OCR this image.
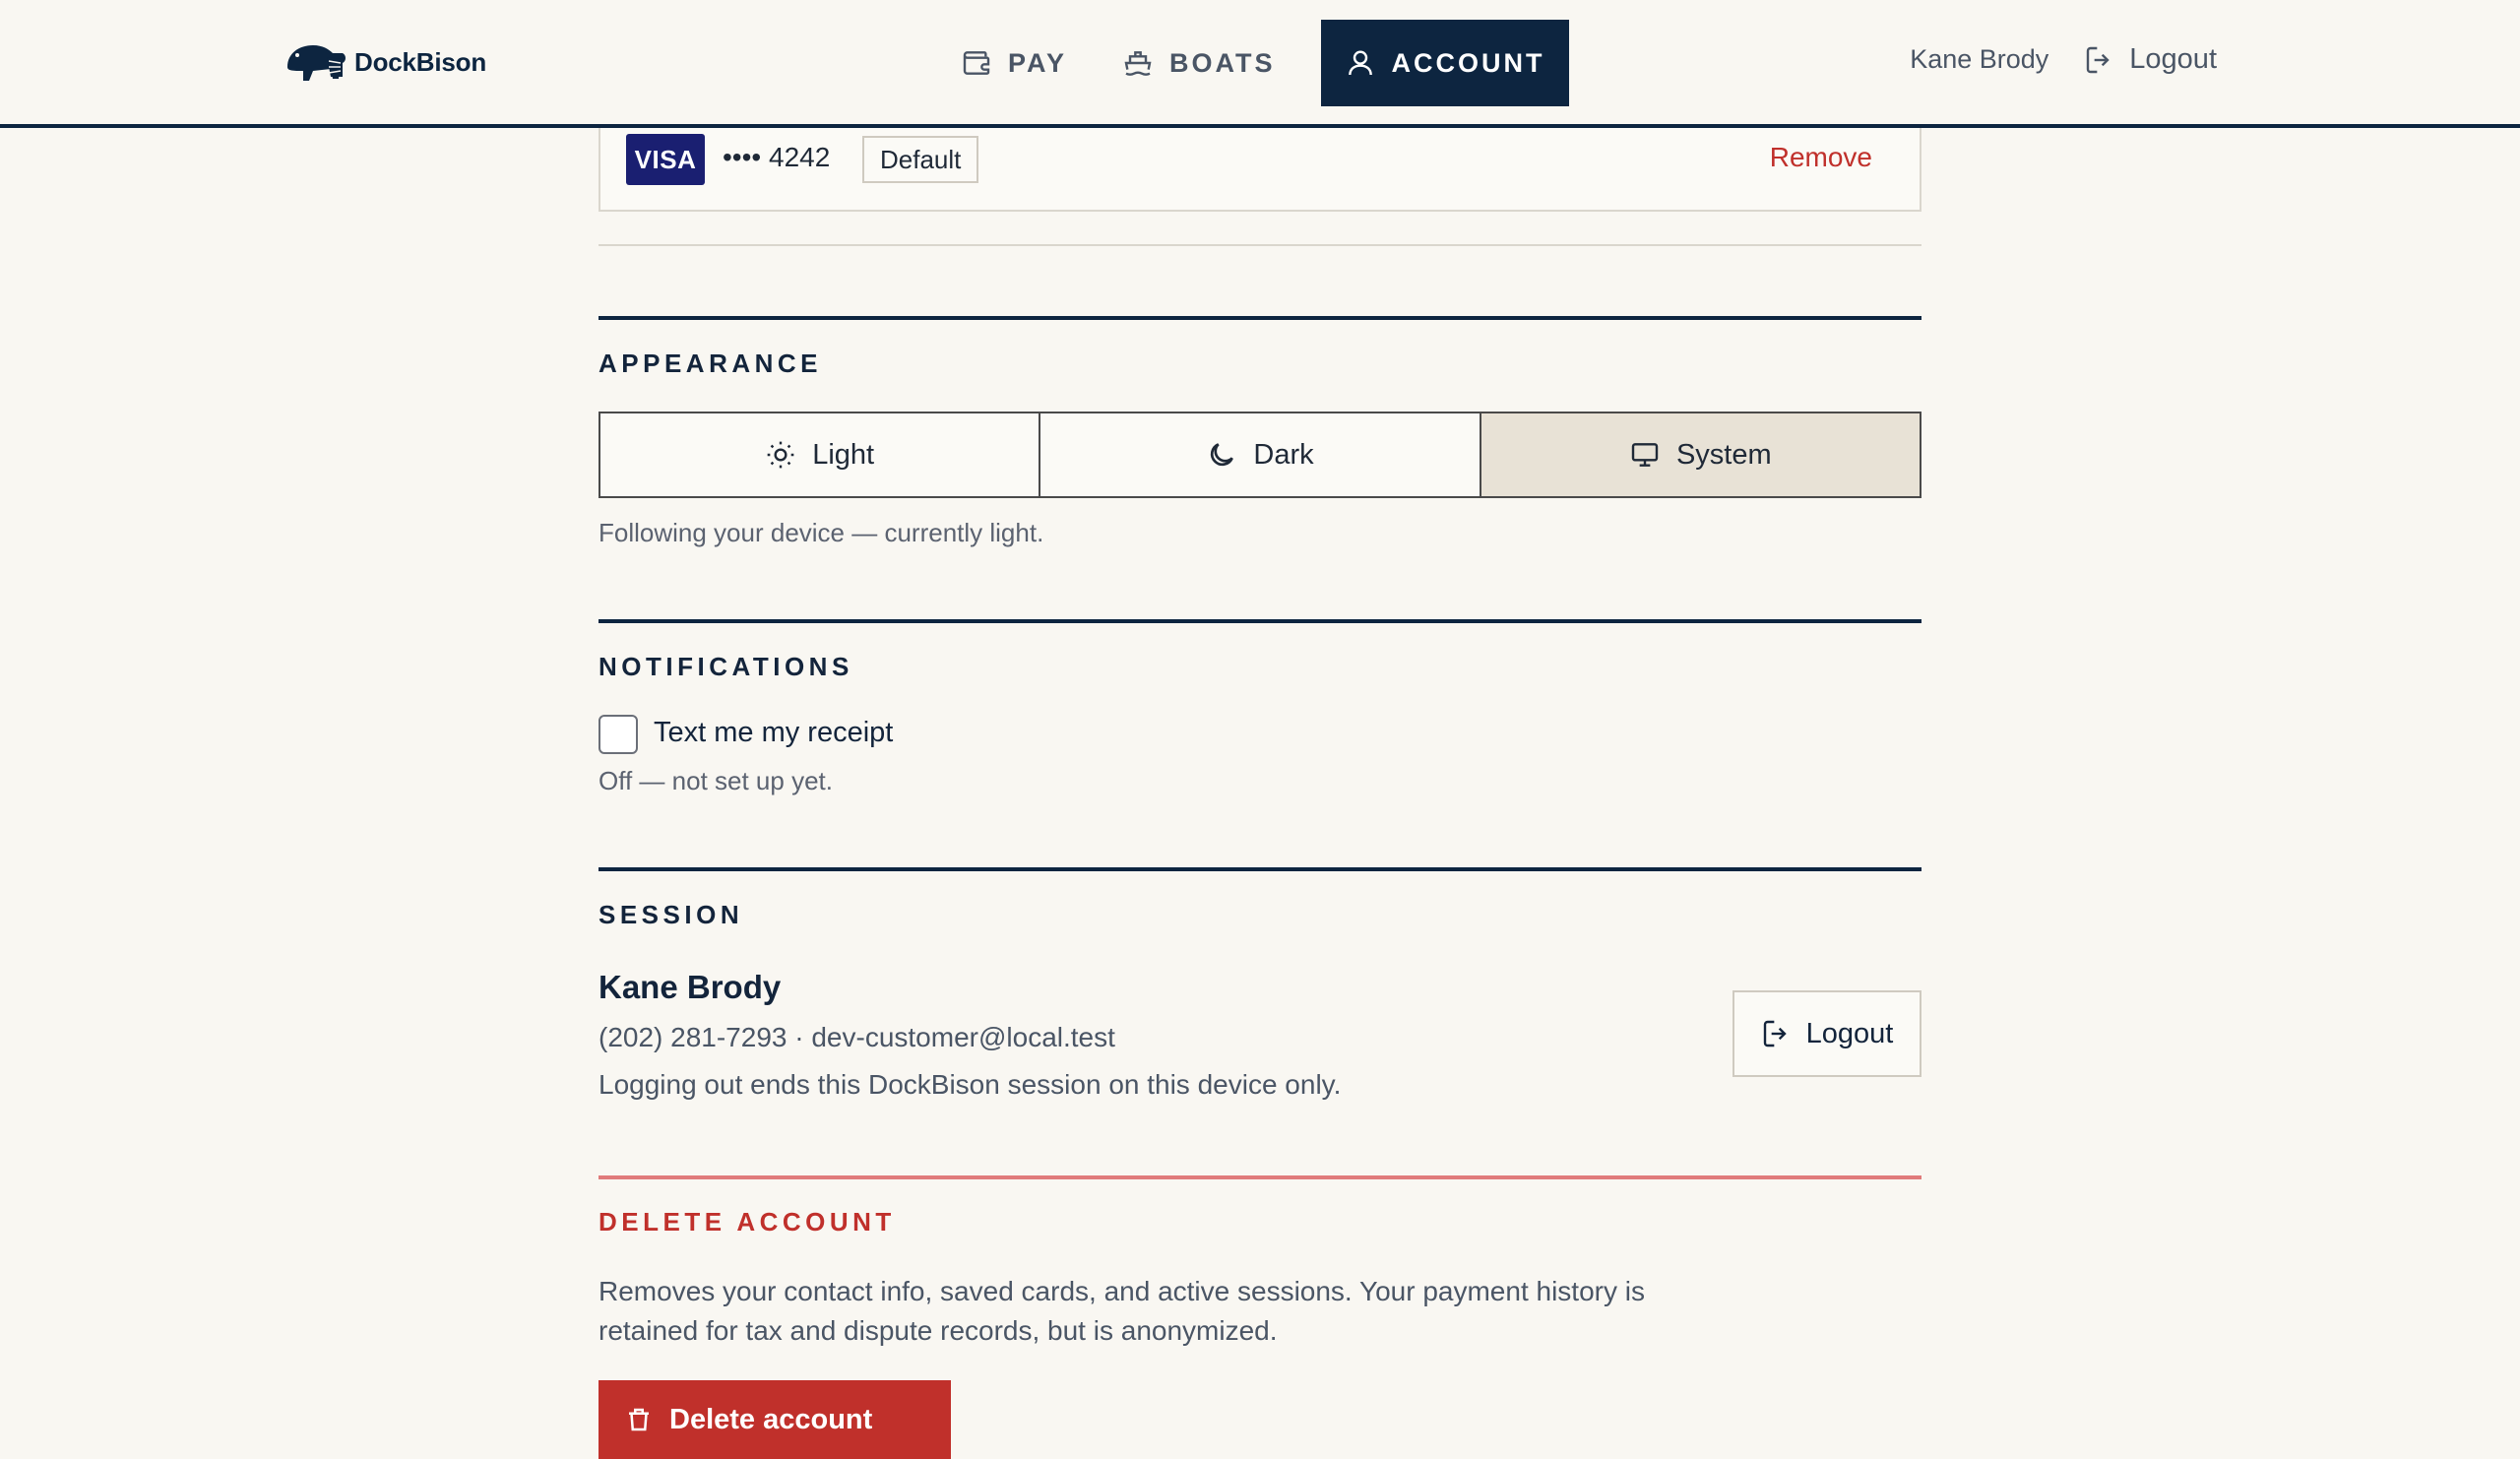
DockBison	PAY	BOATS	ACCOUNT	Kane Brody	Logout
VISA •••• 4242	Default	Remove
APPEARANCE
Light	Dark	System
Following your device — currently light.
NOTIFICATIONS
Text me my receipt
Off — not set up yet.
SESSION
Kane Brody
(202) 281-7293 · dev-customer@local.test
Logging out ends this DockBison session on this device only.
Logout
DELETE ACCOUNT
Removes your contact info, saved cards, and active sessions. Your payment history is retained for tax and dispute records, but is anonymized.
Delete account
